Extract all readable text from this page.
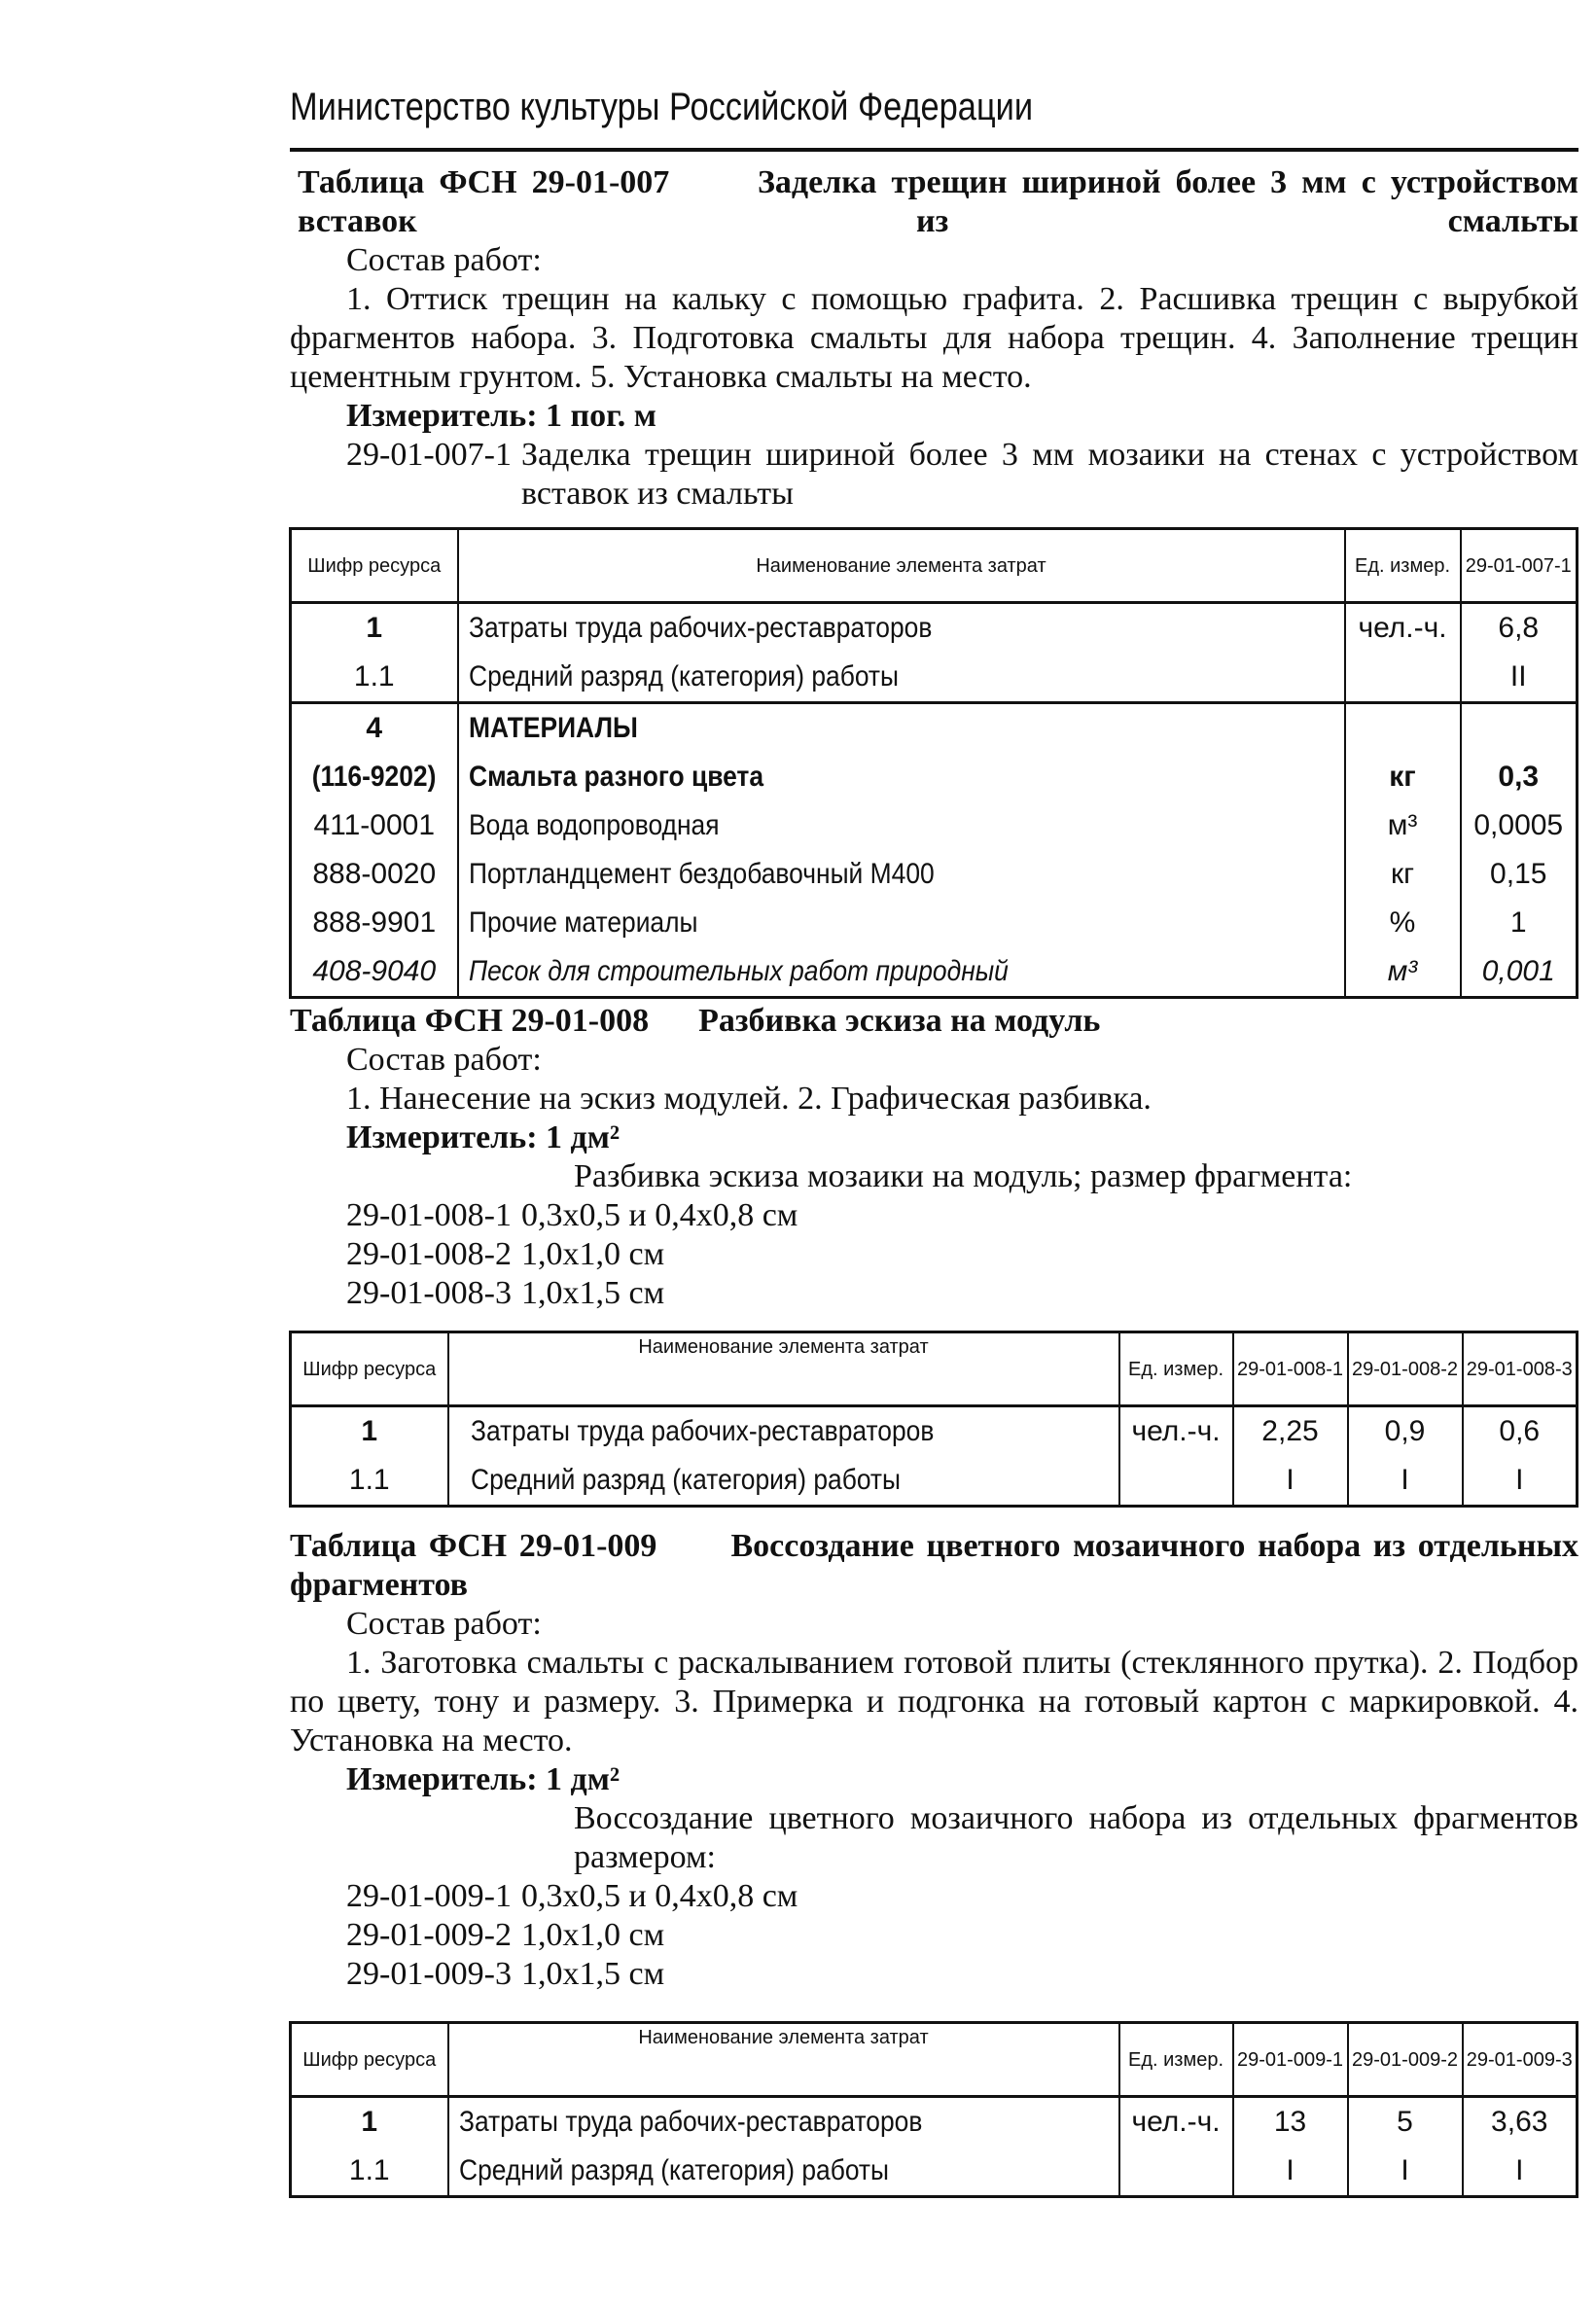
Министерство культуры Российской Федерации

Таблица ФСН 29-01-007	Заделка трещин шириной более 3 мм с устройством вставок из смальты

Состав работ:

1. Оттиск трещин на кальку с помощью графита. 2. Расшивка трещин с вырубкой фрагментов набора. 3. Подготовка смальты для набора трещин. 4. Заполнение трещин цементным грунтом. 5. Установка смальты на место.

Измеритель: 1 пог. м

29-01-007-1 Заделка трещин шириной более 3 мм мозаики на стенах с устройством вставок из смальты
Шифр ресурса	Наименование элемента затрат	Ед. измер.	29-01-007-1
1	Затраты труда рабочих-реставраторов	чел.-ч.	6,8
1.1	Средний разряд (категория) работы		II
4	МАТЕРИАЛЫ		
(116-9202)	Смальта разного цвета	кг	0,3
411-0001	Вода водопроводная	м³	0,0005
888-0020	Портландцемент бездобавочный М400	кг	0,15
888-9901	Прочие материалы	%	1
408-9040	Песок для строительных работ природный	м³	0,001

Таблица ФСН 29-01-008 Разбивка эскиза на модуль

Состав работ:

1. Нанесение на эскиз модулей. 2. Графическая разбивка.

Измеритель: 1 дм²

Разбивка эскиза мозаики на модуль; размер фрагмента:

29-01-008-1 0,3x0,5 и 0,4x0,8 см
29-01-008-2 1,0x1,0 см
29-01-008-3 1,0x1,5 см
Шифр ресурса	Наименование элемента затрат	Ед. измер.	29-01-008-1	29-01-008-2	29-01-008-3
1	Затраты труда рабочих-реставраторов	чел.-ч.	2,25	0,9	0,6
1.1	Средний разряд (категория) работы		I	I	I

Таблица ФСН 29-01-009 Воссоздание цветного мозаичного набора из отдельных фрагментов

Состав работ:

1. Заготовка смальты с раскалыванием готовой плиты (стеклянного прутка). 2. Подбор по цвету, тону и размеру. 3. Примерка и подгонка на готовый картон с маркировкой. 4. Установка на место.

Измеритель: 1 дм²

Воссоздание цветного мозаичного набора из отдельных фрагментов размером:

29-01-009-1 0,3x0,5 и 0,4x0,8 см
29-01-009-2 1,0x1,0 см
29-01-009-3 1,0x1,5 см
Шифр ресурса	Наименование элемента затрат	Ед. измер.	29-01-009-1	29-01-009-2	29-01-009-3
1	Затраты труда рабочих-реставраторов	чел.-ч.	13	5	3,63
1.1	Средний разряд (категория) работы		I	I	I
